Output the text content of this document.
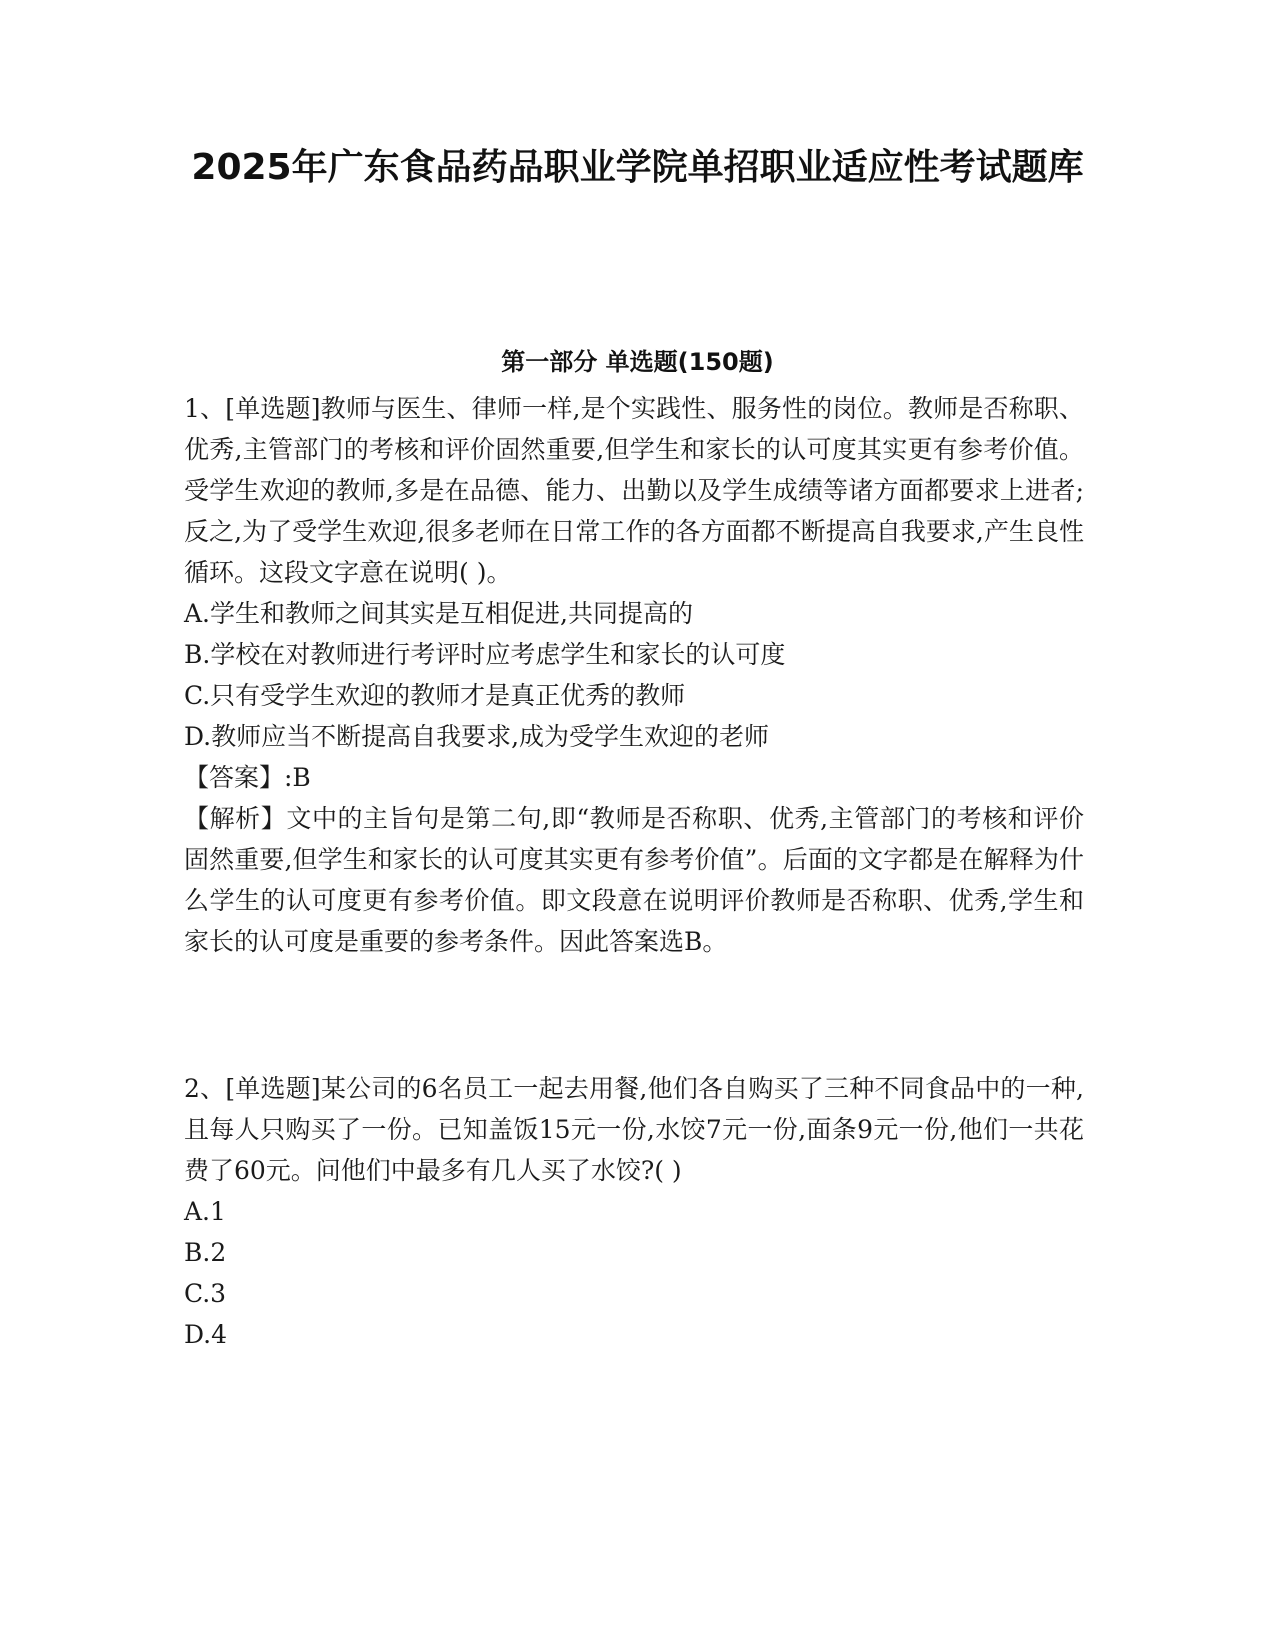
2025年广东食品药品职业学院单招职业适应性考试题库
第一部分 单选题(150题)

1、[单选题]教师与医生、律师一样,是个实践性、服务性的岗位。教师是否称职、优秀,主管部门的考核和评价固然重要,但学生和家长的认可度其实更有参考价值。受学生欢迎的教师,多是在品德、能力、出勤以及学生成绩等诸方面都要求上进者;反之,为了受学生欢迎,很多老师在日常工作的各方面都不断提高自我要求,产生良性循环。这段文字意在说明( )。

A.学生和教师之间其实是互相促进,共同提高的

B.学校在对教师进行考评时应考虑学生和家长的认可度

C.只有受学生欢迎的教师才是真正优秀的教师

D.教师应当不断提高自我要求,成为受学生欢迎的老师

【答案】:B

【解析】文中的主旨句是第二句,即“教师是否称职、优秀,主管部门的考核和评价固然重要,但学生和家长的认可度其实更有参考价值”。后面的文字都是在解释为什么学生的认可度更有参考价值。即文段意在说明评价教师是否称职、优秀,学生和家长的认可度是重要的参考条件。因此答案选B。

2、[单选题]某公司的6名员工一起去用餐,他们各自购买了三种不同食品中的一种,且每人只购买了一份。已知盖饭15元一份,水饺7元一份,面条9元一份,他们一共花费了60元。问他们中最多有几人买了水饺?( )

A.1

B.2

C.3

D.4
